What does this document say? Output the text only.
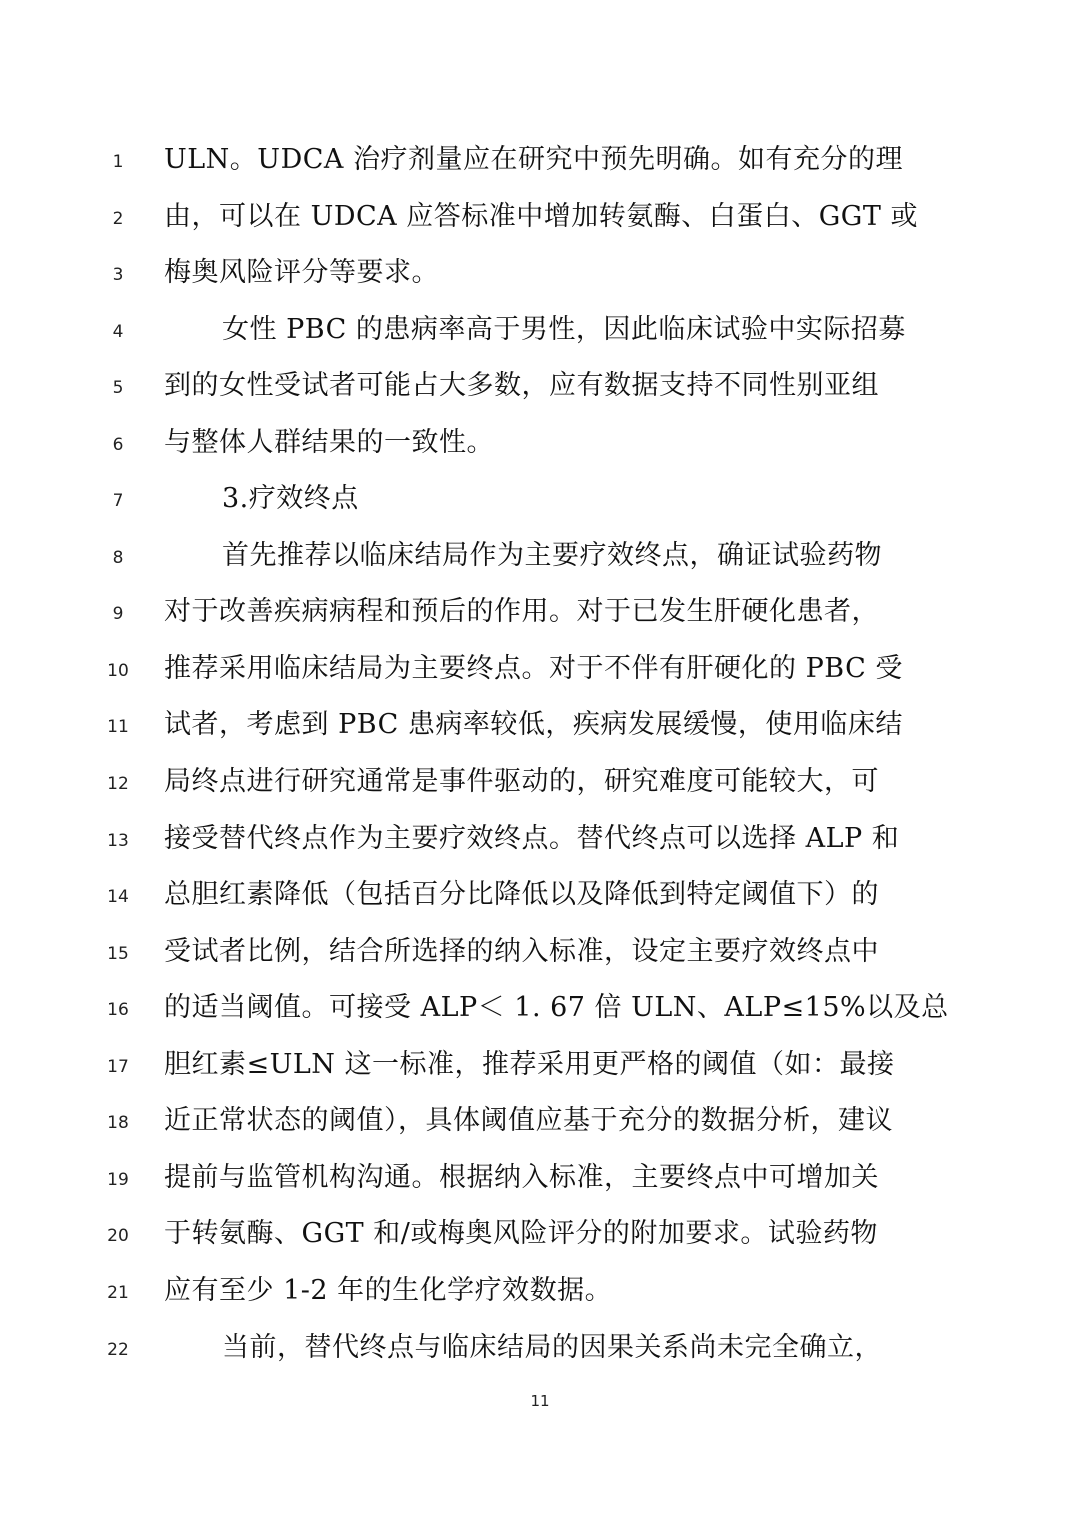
1	ULN。UDCA 治疗剂量应在研究中预先明确。如有充分的理
2	由，可以在 UDCA 应答标准中增加转氨酶、白蛋白、GGT 或
3	梅奥风险评分等要求。
4	女性 PBC 的患病率高于男性，因此临床试验中实际招募
5	到的女性受试者可能占大多数，应有数据支持不同性别亚组
6	与整体人群结果的一致性。
7	3.疗效终点
8	首先推荐以临床结局作为主要疗效终点，确证试验药物
9	对于改善疾病病程和预后的作用。对于已发生肝硬化患者，
10	推荐采用临床结局为主要终点。对于不伴有肝硬化的 PBC 受
11	试者，考虑到 PBC 患病率较低，疾病发展缓慢，使用临床结
12	局终点进行研究通常是事件驱动的，研究难度可能较大，可
13	接受替代终点作为主要疗效终点。替代终点可以选择 ALP 和
14	总胆红素降低（包括百分比降低以及降低到特定阈值下）的
15	受试者比例，结合所选择的纳入标准，设定主要疗效终点中
16	的适当阈值。可接受 ALP＜ 1. 67 倍 ULN、ALP≤15%以及总
17	胆红素≤ULN 这一标准，推荐采用更严格的阈值（如：最接
18	近正常状态的阈值），具体阈值应基于充分的数据分析，建议
19	提前与监管机构沟通。根据纳入标准，主要终点中可增加关
20	于转氨酶、GGT 和/或梅奥风险评分的附加要求。试验药物
21	应有至少 1-2 年的生化学疗效数据。
22	当前，替代终点与临床结局的因果关系尚未完全确立，
11
